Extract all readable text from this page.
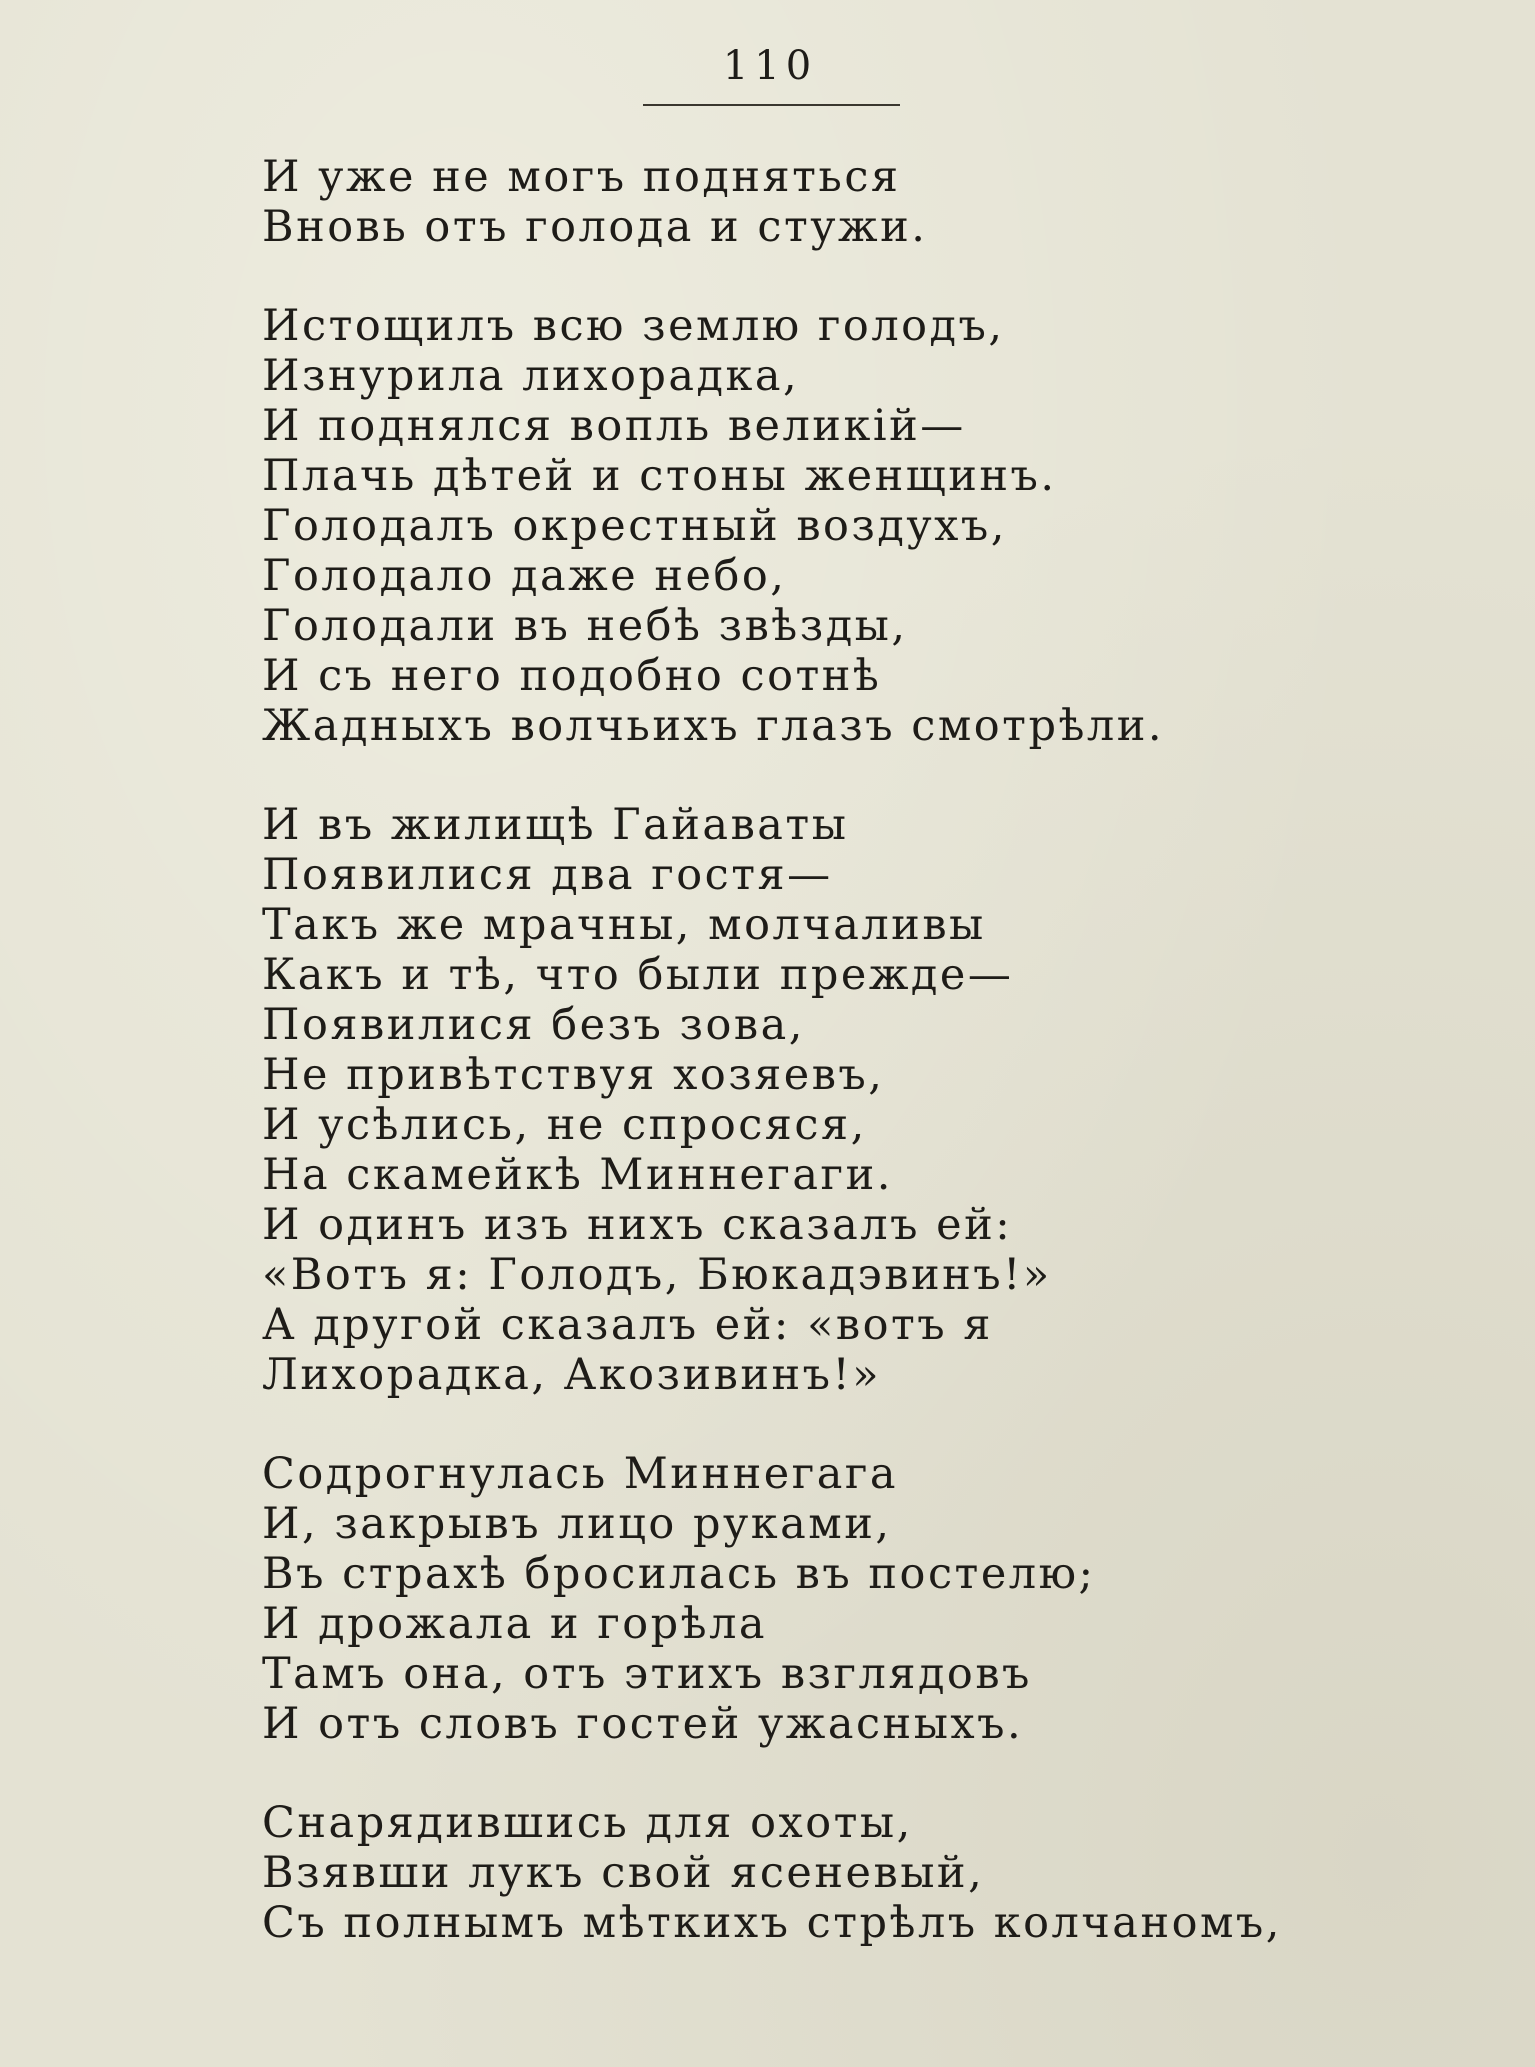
110
И уже не могъ подняться
Вновь отъ голода и стужи.
Истощилъ всю землю голодъ,
Изнурила лихорадка,
И поднялся вопль великій—
Плачь дѣтей и стоны женщинъ.
Голодалъ окрестный воздухъ,
Голодало даже небо,
Голодали въ небѣ звѣзды,
И съ него подобно сотнѣ
Жадныхъ волчьихъ глазъ смотрѣли.
И въ жилищѣ Гайаваты
Появилися два гостя—
Такъ же мрачны, молчаливы
Какъ и тѣ, что были прежде—
Появилися безъ зова,
Не привѣтствуя хозяевъ,
И усѣлись, не спросяся,
На скамейкѣ Миннегаги.
И одинъ изъ нихъ сказалъ ей:
«Вотъ я: Голодъ, Бюкадэвинъ!»
А другой сказалъ ей: «вотъ я
Лихорадка, Акозивинъ!»
Содрогнулась Миннегага
И, закрывъ лицо руками,
Въ страхѣ бросилась въ постелю;
И дрожала и горѣла
Тамъ она, отъ этихъ взглядовъ
И отъ словъ гостей ужасныхъ.
Снарядившись для охоты,
Взявши лукъ свой ясеневый,
Съ полнымъ мѣткихъ стрѣлъ колчаномъ,
